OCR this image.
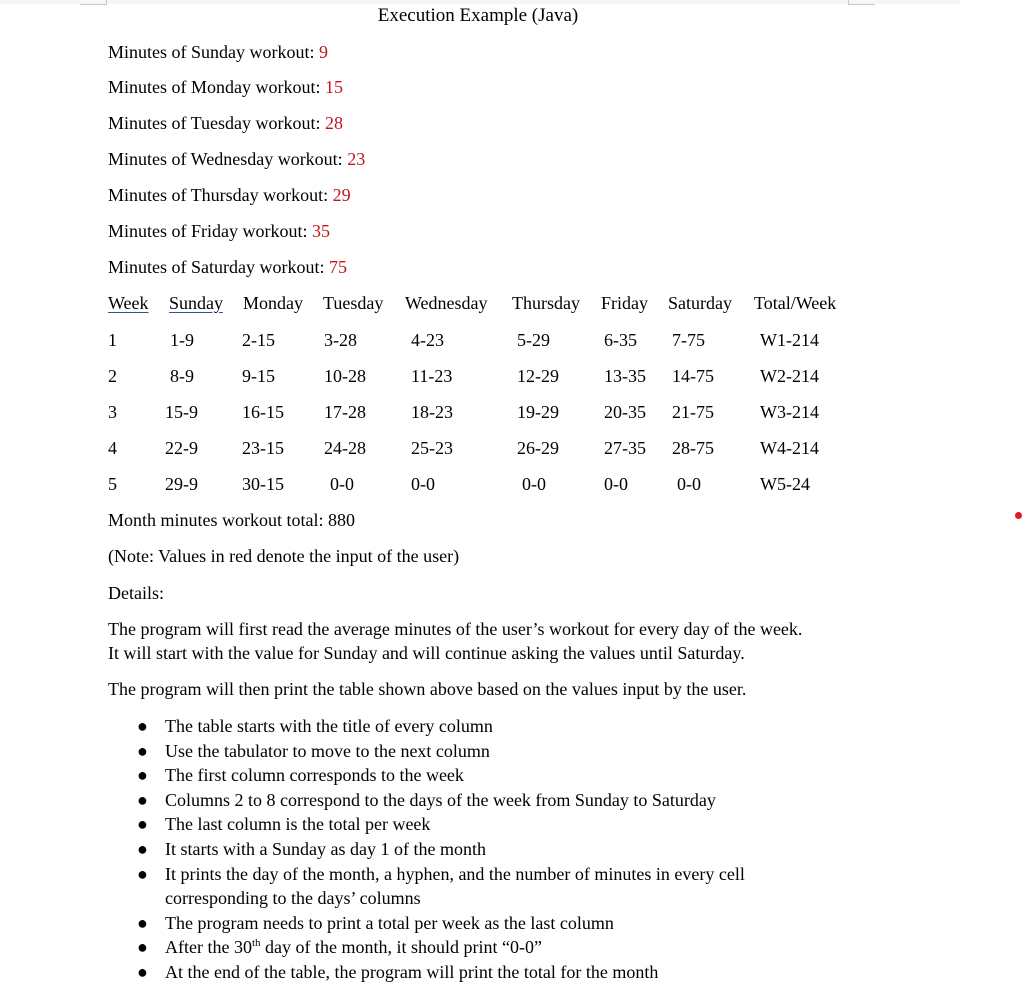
Execution Example (Java)
Minutes of Sunday workout: 9
Minutes of Monday workout: 15
Minutes of Tuesday workout: 28
Minutes of Wednesday workout: 23
Minutes of Thursday workout: 29
Minutes of Friday workout: 35
Minutes of Saturday workout: 75
Week Sunday Monday Tuesday Wednesday Thursday Friday Saturday Total/Week
1	1-9	2-15	3-28	4-23	5-29	6-35 7-75	W1-214
2	8-9	9-15	10-28	11-23	12-29	13-35 14-75	W2-214
3	15-9 16-15 17-28	18-23	19-29	20-35 21-75	W3-214
4	22-9 23-15 24-28	25-23	26-29	27-35 28-75	W4-214
5	29-9 30-15	0-0	0-0	0-0	0-0	0-0	W5-24
Month minutes workout total: 880
(Note: Values in red denote the input of the user)
Details:
The program will first read the average minutes of the user’s workout for every day of the week.
It will start with the value for Sunday and will continue asking the values until Saturday.
The program will then print the table shown above based on the values input by the user.
● The table starts with the title of every column
● Use the tabulator to move to the next column
● The first column corresponds to the week
● Columns 2 to 8 correspond to the days of the week from Sunday to Saturday
● The last column is the total per week
● It starts with a Sunday as day 1 of the month
● It prints the day of the month, a hyphen, and the number of minutes in every cell corresponding to the days’ columns
● The program needs to print a total per week as the last column
● After the 30th day of the month, it should print “0-0”
● At the end of the table, the program will print the total for the month
